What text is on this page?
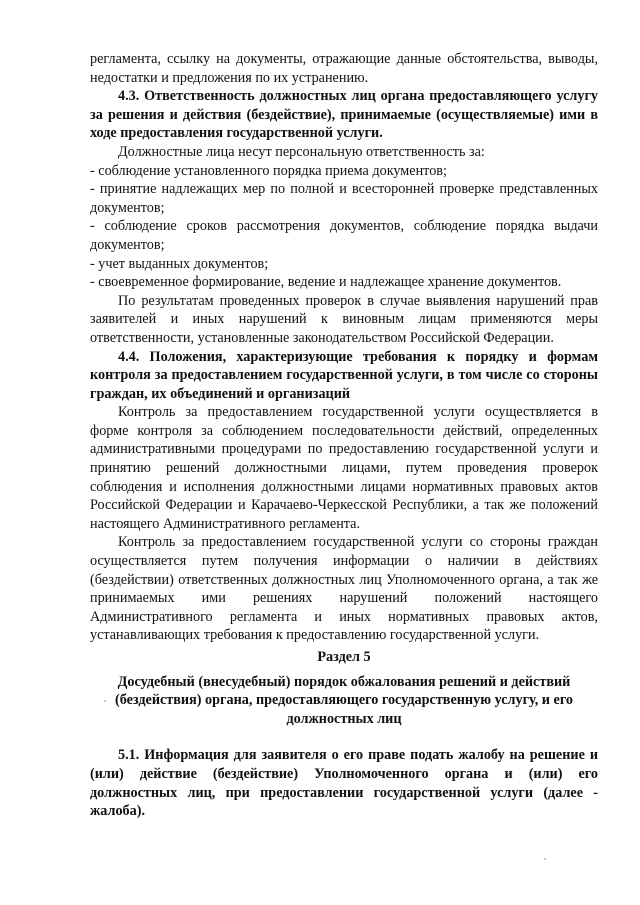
регламента, ссылку на документы, отражающие данные обстоятельства, выводы, недостатки и предложения по их устранению.

4.3. Ответственность должностных лиц органа предоставляющего услугу за решения и действия (бездействие), принимаемые (осуществляемые) ими в ходе предоставления государственной услуги.

Должностные лица несут персональную ответственность за:

- соблюдение установленного порядка приема документов;

- принятие надлежащих мер по полной и всесторонней проверке представленных документов;

- соблюдение сроков рассмотрения документов, соблюдение порядка выдачи документов;

- учет выданных документов;

- своевременное формирование, ведение и надлежащее хранение документов.

По результатам проведенных проверок в случае выявления нарушений прав заявителей и иных нарушений к виновным лицам применяются меры ответственности, установленные законодательством Российской Федерации.

4.4. Положения, характеризующие требования к порядку и формам контроля за предоставлением государственной услуги, в том числе со стороны граждан, их объединений и организаций

Контроль за предоставлением государственной услуги осуществляется в форме контроля за соблюдением последовательности действий, определенных административными процедурами по предоставлению государственной услуги и принятию решений должностными лицами, путем проведения проверок соблюдения и исполнения должностными лицами нормативных правовых актов Российской Федерации и Карачаево-Черкесской Республики, а так же положений настоящего Административного регламента.

Контроль за предоставлением государственной услуги со стороны граждан осуществляется путем получения информации о наличии в действиях (бездействии) ответственных должностных лиц Уполномоченного органа, а так же принимаемых ими решениях нарушений положений настоящего Административного регламента и иных нормативных правовых актов, устанавливающих требования к предоставлению государственной услуги.

Раздел 5

Досудебный (внесудебный) порядок обжалования решений и действий (бездействия) органа, предоставляющего государственную услугу, и его должностных лиц

5.1. Информация для заявителя о его праве подать жалобу на решение и (или) действие (бездействие) Уполномоченного органа и (или) его должностных лиц, при предоставлении государственной услуги (далее - жалоба).
